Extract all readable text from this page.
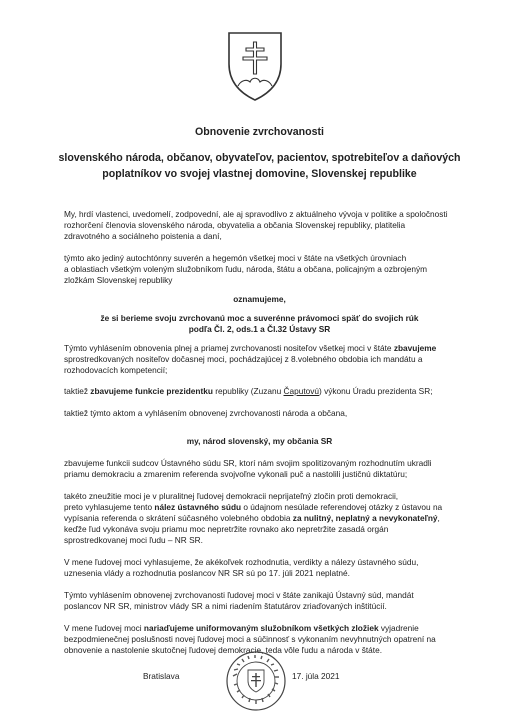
Obnovenie zvrchovanosti
slovenského národa, občanov, obyvateľov, pacientov, spotrebiteľov a daňových
poplatníkov vo svojej vlastnej domovine, Slovenskej republike
My, hrdí vlastenci, uvedomelí, zodpovední, ale aj spravodlivo z aktuálneho vývoja v politike a spoločnosti
rozhorčení členovia slovenského národa, obyvatelia a občania Slovenskej republiky, platitelia
zdravotného a sociálneho poistenia a daní,
týmto ako jediný autochtónny suverén a hegemón všetkej moci v štáte na všetkých úrovniach
a oblastiach všetkým voleným služobníkom ľudu, národa, štátu a občana, policajným a ozbrojeným
zložkám Slovenskej republiky
oznamujeme,
že si berieme svoju zvrchovanú moc a suverénne právomoci späť do svojich rúk
podľa Čl. 2, ods.1 a Čl.32 Ústavy SR
Týmto vyhlásením obnovenia plnej a priamej zvrchovanosti nositeľov všetkej moci v štáte zbavujeme
sprostredkovaných nositeľov dočasnej moci, pochádzajúcej z 8.volebného obdobia ich mandátu a
rozhodovacích kompetencií;
taktiež zbavujeme funkcie prezidentku republiky (Zuzanu Čaputovú) výkonu Úradu prezidenta SR;
taktiež týmto aktom a vyhlásením obnovenej zvrchovanosti národa a občana,
my, národ slovenský, my občania SR
zbavujeme funkcii sudcov Ústavného súdu SR, ktorí nám svojim spolitizovaným rozhodnutím ukradli
priamu demokraciu a zmarenim referenda svojvoľne vykonali puč a nastolili justičnú diktatúru;
takéto zneužitie moci je v pluralitnej ľudovej demokracii neprijateľný zločin proti demokracii,
preto vyhlasujeme tento nález ústavného súdu o údajnom nesúlade referendovej otázky z ústavou na
vypísania referenda o skrátení súčasného volebného obdobia za nulitný, neplatný a nevykonateľný,
keďže ľud vykonáva svoju priamu moc nepretržite rovnako ako nepretržite zasadá orgán
sprostredkovanej moci ľudu – NR SR.
V mene ľudovej moci vyhlasujeme, že akékoľvek rozhodnutia, verdikty a nálezy ústavného súdu,
uznesenia vlády a rozhodnutia poslancov NR SR sú po 17. júli 2021 neplatné.
Týmto vyhlásením obnovenej zvrchovanosti ľudovej moci v štáte zanikajú Ústavný súd, mandát
poslancov NR SR, ministrov vlády SR a nimi riadením štatutárov zriaďovaných inštitúcií.
V mene ľudovej moci nariaďujeme uniformovaným služobníkom všetkých zložiek vyjadrenie
bezpodmienečnej poslušnosti novej ľudovej moci a súčinnosť s vykonaním nevyhnutných opatrení na
obnovenie a nastolenie skutočnej ľudovej demokracie, teda vôle ľudu a národa v štáte.
Bratislava	17. júla 2021
